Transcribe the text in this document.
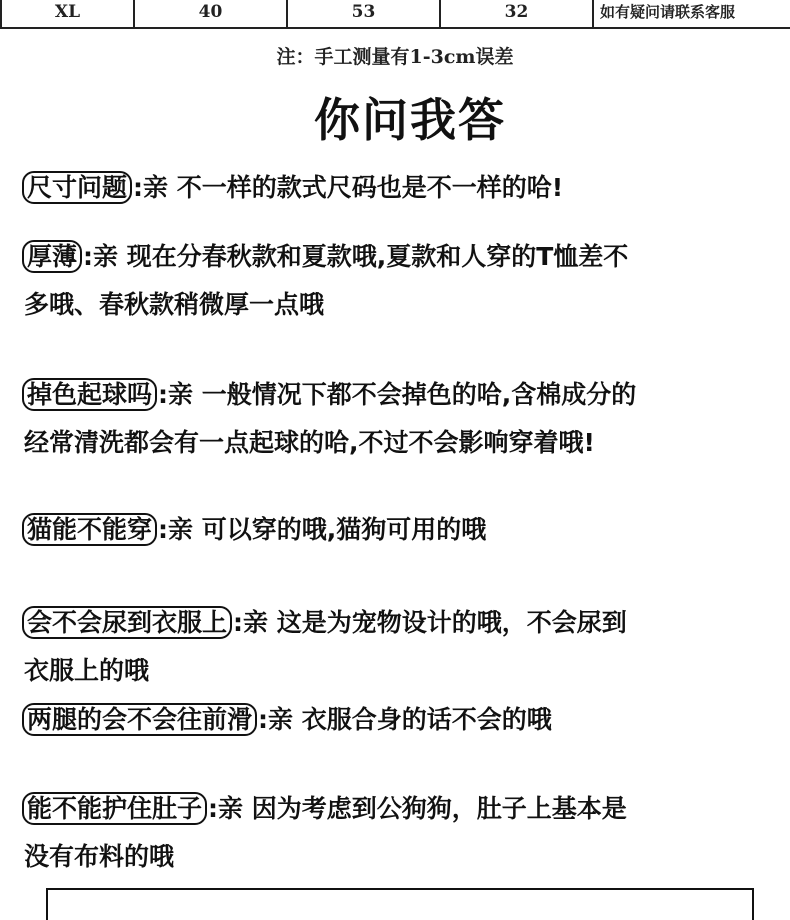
XL	40	53	32	如有疑问请联系客服
注：手工测量有1-3cm误差
你问我答
尺寸问题 :亲 不一样的款式尺码也是不一样的哈!
厚薄 :亲 现在分春秋款和夏款哦,夏款和人穿的T恤差不
多哦、春秋款稍微厚一点哦
掉色起球吗 :亲 一般情况下都不会掉色的哈,含棉成分的
经常清洗都会有一点起球的哈,不过不会影响穿着哦!
猫能不能穿 :亲 可以穿的哦,猫狗可用的哦
会不会尿到衣服上 :亲 这是为宠物设计的哦，不会尿到
衣服上的哦
两腿的会不会往前滑 :亲 衣服合身的话不会的哦
能不能护住肚子 :亲 因为考虑到公狗狗，肚子上基本是
没有布料的哦
